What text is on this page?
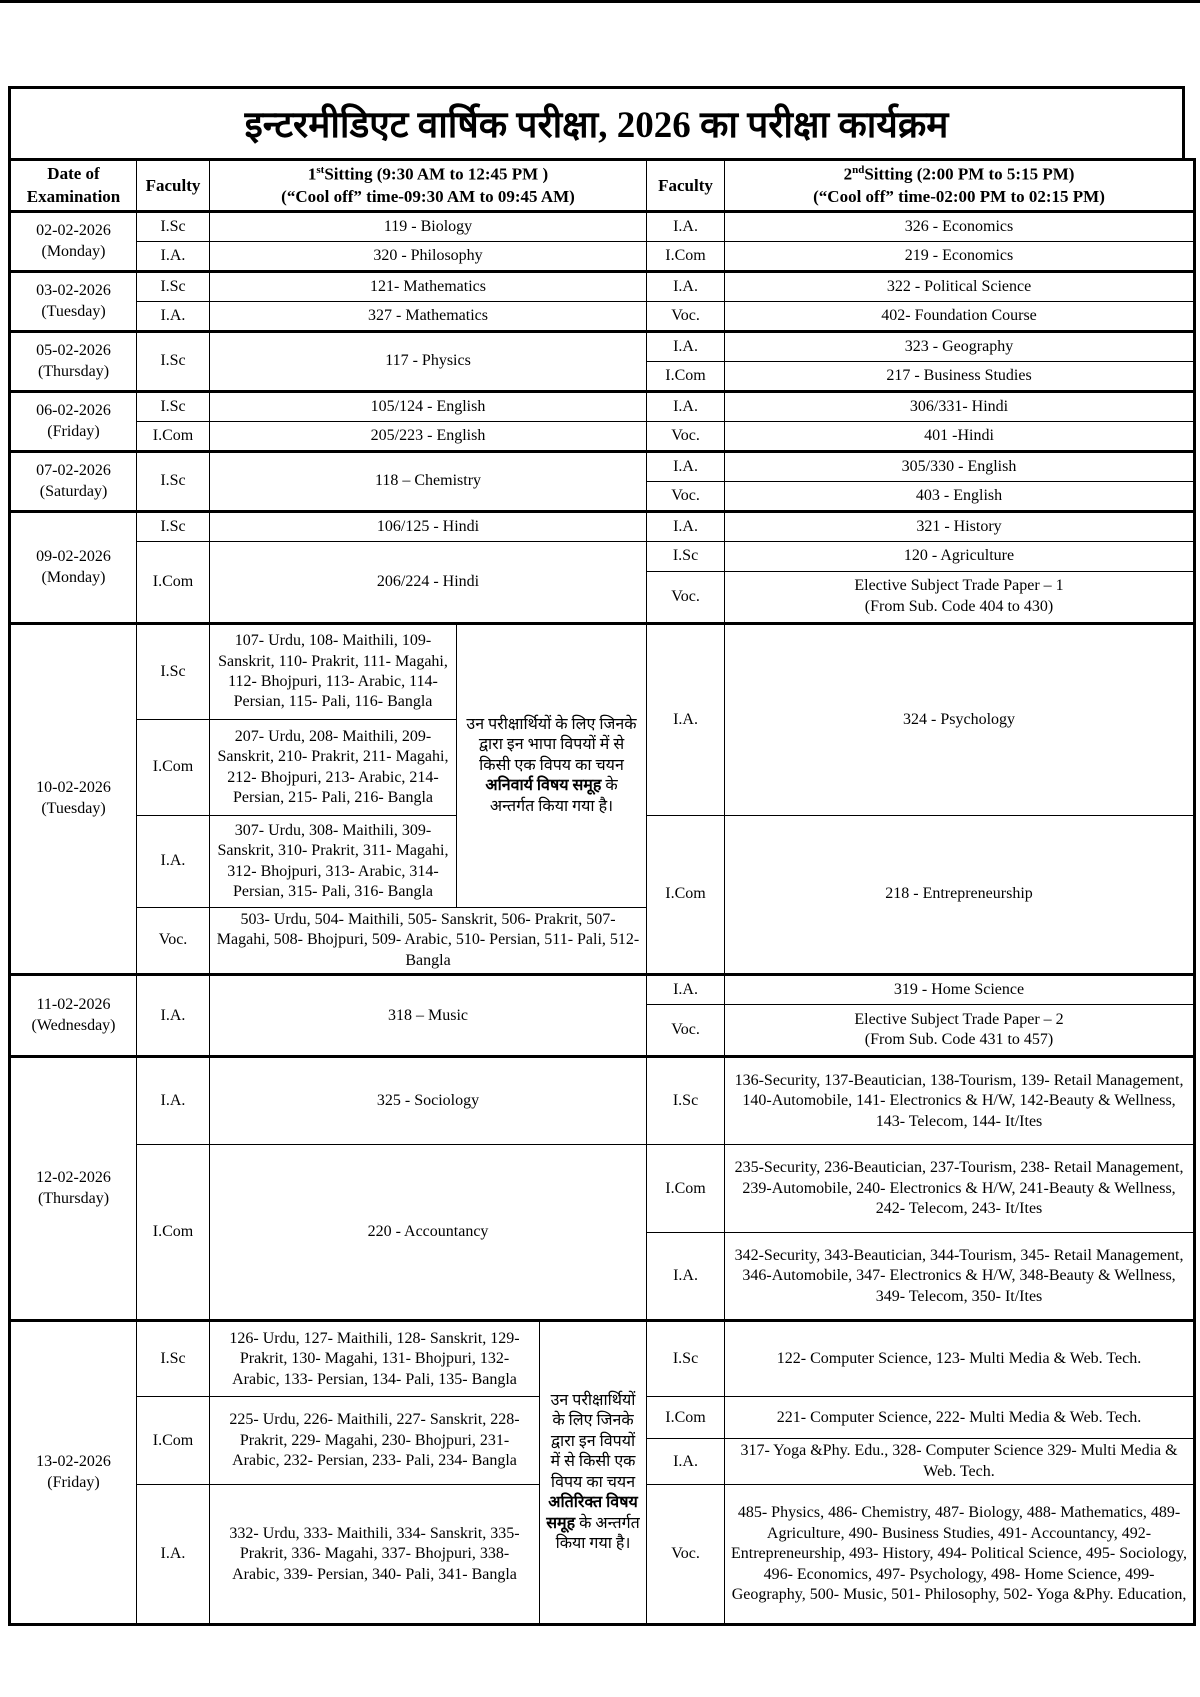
इन्टरमीडिएट वार्षिक परीक्षा, 2026 का परीक्षा कार्यक्रम
Date of
Examination
	Faculty	
1stSitting (9:30 AM to 12:45 PM )
(“Cool off” time-09:30 AM to 09:45 AM)
	Faculty	
2ndSitting (2:00 PM to 5:15 PM)
(“Cool off” time-02:00 PM to 02:15 PM)

02-02-2026
(Monday)	I.Sc	119 - Biology			I.A.	326 - Economics
	I.A.	320 - Philosophy			I.Com	219 - Economics

03-02-2026
(Tuesday)	I.Sc	121- Mathematics			I.A.	322 - Political Science
	I.A.	327 - Mathematics			Voc.	402- Foundation Course

05-02-2026
(Thursday)	I.Sc	117 - Physics			I.A.	323 - Geography
					I.Com	217 - Business Studies

06-02-2026
(Friday)	I.Sc	105/124 - English			I.A.	306/331- Hindi
	I.Com	205/223 - English			Voc.	401 -Hindi

07-02-2026
(Saturday)	I.Sc	118 – Chemistry			I.A.	305/330 - English
					Voc.	403 - English

09-02-2026
(Monday)	I.Sc	106/125 - Hindi			I.A.	321 - History
	I.Com	206/224 - Hindi			I.Sc	120 - Agriculture
					Voc.	Elective Subject Trade Paper – 1
(From Sub. Code 404 to 430)

10-02-2026
(Tuesday)	I.Sc	107- Urdu, 108- Maithili, 109- Sanskrit, 110- Prakrit, 111- Magahi, 112- Bhojpuri, 113- Arabic, 114- Persian, 115- Pali, 116- Bangla	उन परीक्षार्थियों के लिए जिनके द्वारा इन भापा विपयों में से किसी एक विपय का चयन अनिवार्य विषय समूह के अन्तर्गत किया गया है।		I.A.	324 - Psychology
	I.Com	207- Urdu, 208- Maithili, 209- Sanskrit, 210- Prakrit, 211- Magahi, 212- Bhojpuri, 213- Arabic, 214- Persian, 215- Pali, 216- Bangla				
	I.A.	307- Urdu, 308- Maithili, 309- Sanskrit, 310- Prakrit, 311- Magahi, 312- Bhojpuri, 313- Arabic, 314- Persian, 315- Pali, 316- Bangla			I.Com	218 - Entrepreneurship
	Voc.	503- Urdu, 504- Maithili, 505- Sanskrit, 506- Prakrit, 507- Magahi, 508- Bhojpuri, 509- Arabic, 510- Persian, 511- Pali, 512- Bangla				

11-02-2026
(Wednesday)	I.A.	318 – Music			I.A.	319 - Home Science
					Voc.	Elective Subject Trade Paper – 2
(From Sub. Code 431 to 457)

12-02-2026
(Thursday)	I.A.	325 - Sociology			I.Sc	136-Security, 137-Beautician, 138-Tourism, 139- Retail Management, 140-Automobile, 141- Electronics & H/W, 142-Beauty & Wellness, 143- Telecom, 144- It/Ites
	I.Com	220 - Accountancy			I.Com	235-Security, 236-Beautician, 237-Tourism, 238- Retail Management, 239-Automobile, 240- Electronics & H/W, 241-Beauty & Wellness, 242- Telecom, 243- It/Ites
					I.A.	342-Security, 343-Beautician, 344-Tourism, 345- Retail Management, 346-Automobile, 347- Electronics & H/W, 348-Beauty & Wellness, 349- Telecom, 350- It/Ites

13-02-2026
(Friday)	I.Sc	126- Urdu, 127- Maithili, 128- Sanskrit, 129- Prakrit, 130- Magahi, 131- Bhojpuri, 132- Arabic, 133- Persian, 134- Pali, 135- Bangla		उन परीक्षार्थियों के लिए जिनके द्वारा इन विपयों में से किसी एक विपय का चयन अतिरिक्त विषय समूह के अन्तर्गत किया गया है।	I.Sc	122- Computer Science, 123- Multi Media & Web. Tech.
	I.Com	225- Urdu, 226- Maithili, 227- Sanskrit, 228- Prakrit, 229- Magahi, 230- Bhojpuri, 231- Arabic, 232- Persian, 233- Pali, 234- Bangla			I.Com	221- Computer Science, 222- Multi Media & Web. Tech.
					I.A.	317- Yoga &Phy. Edu., 328- Computer Science 329- Multi Media & Web. Tech.
	I.A.	332- Urdu, 333- Maithili, 334- Sanskrit, 335- Prakrit, 336- Magahi, 337- Bhojpuri, 338- Arabic, 339- Persian, 340- Pali, 341- Bangla			Voc.	485- Physics, 486- Chemistry, 487- Biology, 488- Mathematics, 489- Agriculture, 490- Business Studies, 491- Accountancy, 492- Entrepreneurship, 493- History, 494- Political Science, 495- Sociology, 496- Economics, 497- Psychology, 498- Home Science, 499- Geography, 500- Music, 501- Philosophy, 502- Yoga &Phy. Education,
